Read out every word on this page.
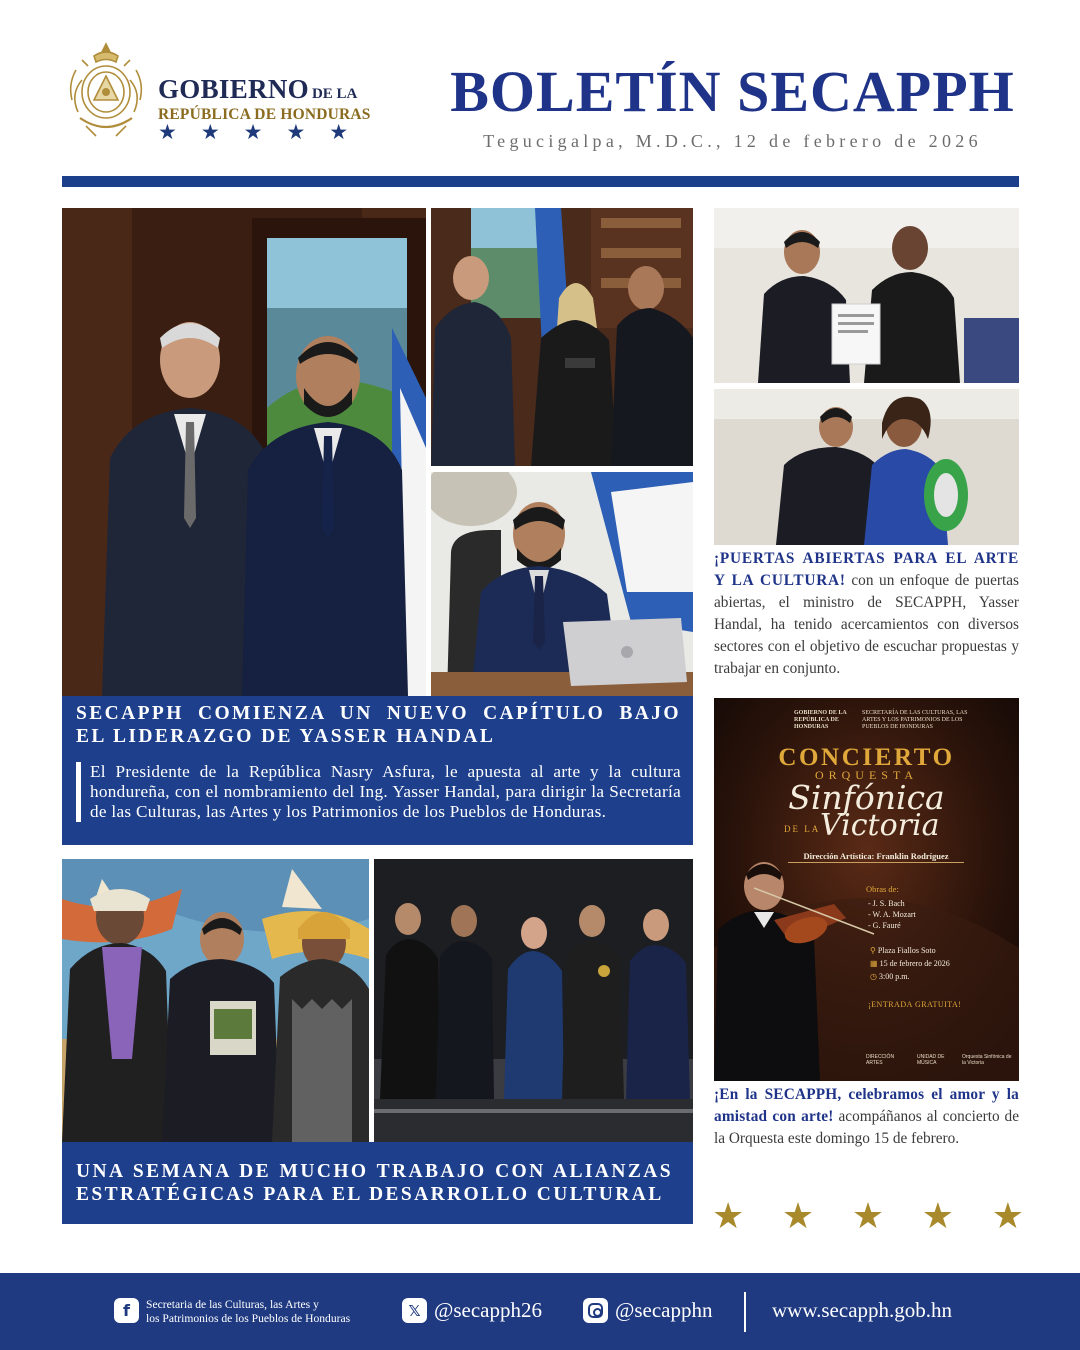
GOBIERNO DE LA
REPÚBLICA DE HONDURAS
★★★★★
BOLETÍN SECAPPH
Tegucigalpa, M.D.C., 12 de febrero de 2026
SECAPPH COMIENZA UN NUEVO CAPÍTULO BAJO EL LIDERAZGO DE YASSER HANDAL
El Presidente de la República Nasry Asfura, le apuesta al arte y la cultura hondureña, con el nombramiento del Ing. Yasser Handal, para dirigir la Secretaría de las Culturas, las Artes y los Patrimonios de los Pueblos de Honduras.
UNA SEMANA DE MUCHO TRABAJO CON ALIANZAS ESTRATÉGICAS PARA EL DESARROLLO CULTURAL
¡PUERTAS ABIERTAS PARA EL ARTE Y LA CULTURA! con un enfoque de puertas abiertas, el ministro de SECAPPH, Yasser Handal, ha tenido acercamientos con diversos sectores con el objetivo de escuchar propuestas y trabajar en conjunto.
GOBIERNO DE LA REPÚBLICA DE HONDURAS
SECRETARÍA DE LAS CULTURAS, LAS ARTES Y LOS PATRIMONIOS DE LOS PUEBLOS DE HONDURAS
CONCIERTO
ORQUESTA
Sinfónica
DE LA Victoria
Dirección Artística: Franklin Rodríguez
Obras de:
- J. S. Bach
- W. A. Mozart
- G. Fauré
⚲ Plaza Fiallos Soto
▦ 15 de febrero de 2026
◷ 3:00 p.m.
¡ENTRADA GRATUITA!
DIRECCIÓN ARTES
UNIDAD DE MÚSICA
Orquesta Sinfónica de la Victoria
¡En la SECAPPH, celebramos el amor y la amistad con arte! acompáñanos al concierto de la Orquesta este domingo 15 de febrero.
★ ★ ★ ★ ★
f	Secretaria de las Culturas, las Artes y
los Patrimonios de los Pueblos de Honduras	𝕏 @secapph26	@secapphn	www.secapph.gob.hn
